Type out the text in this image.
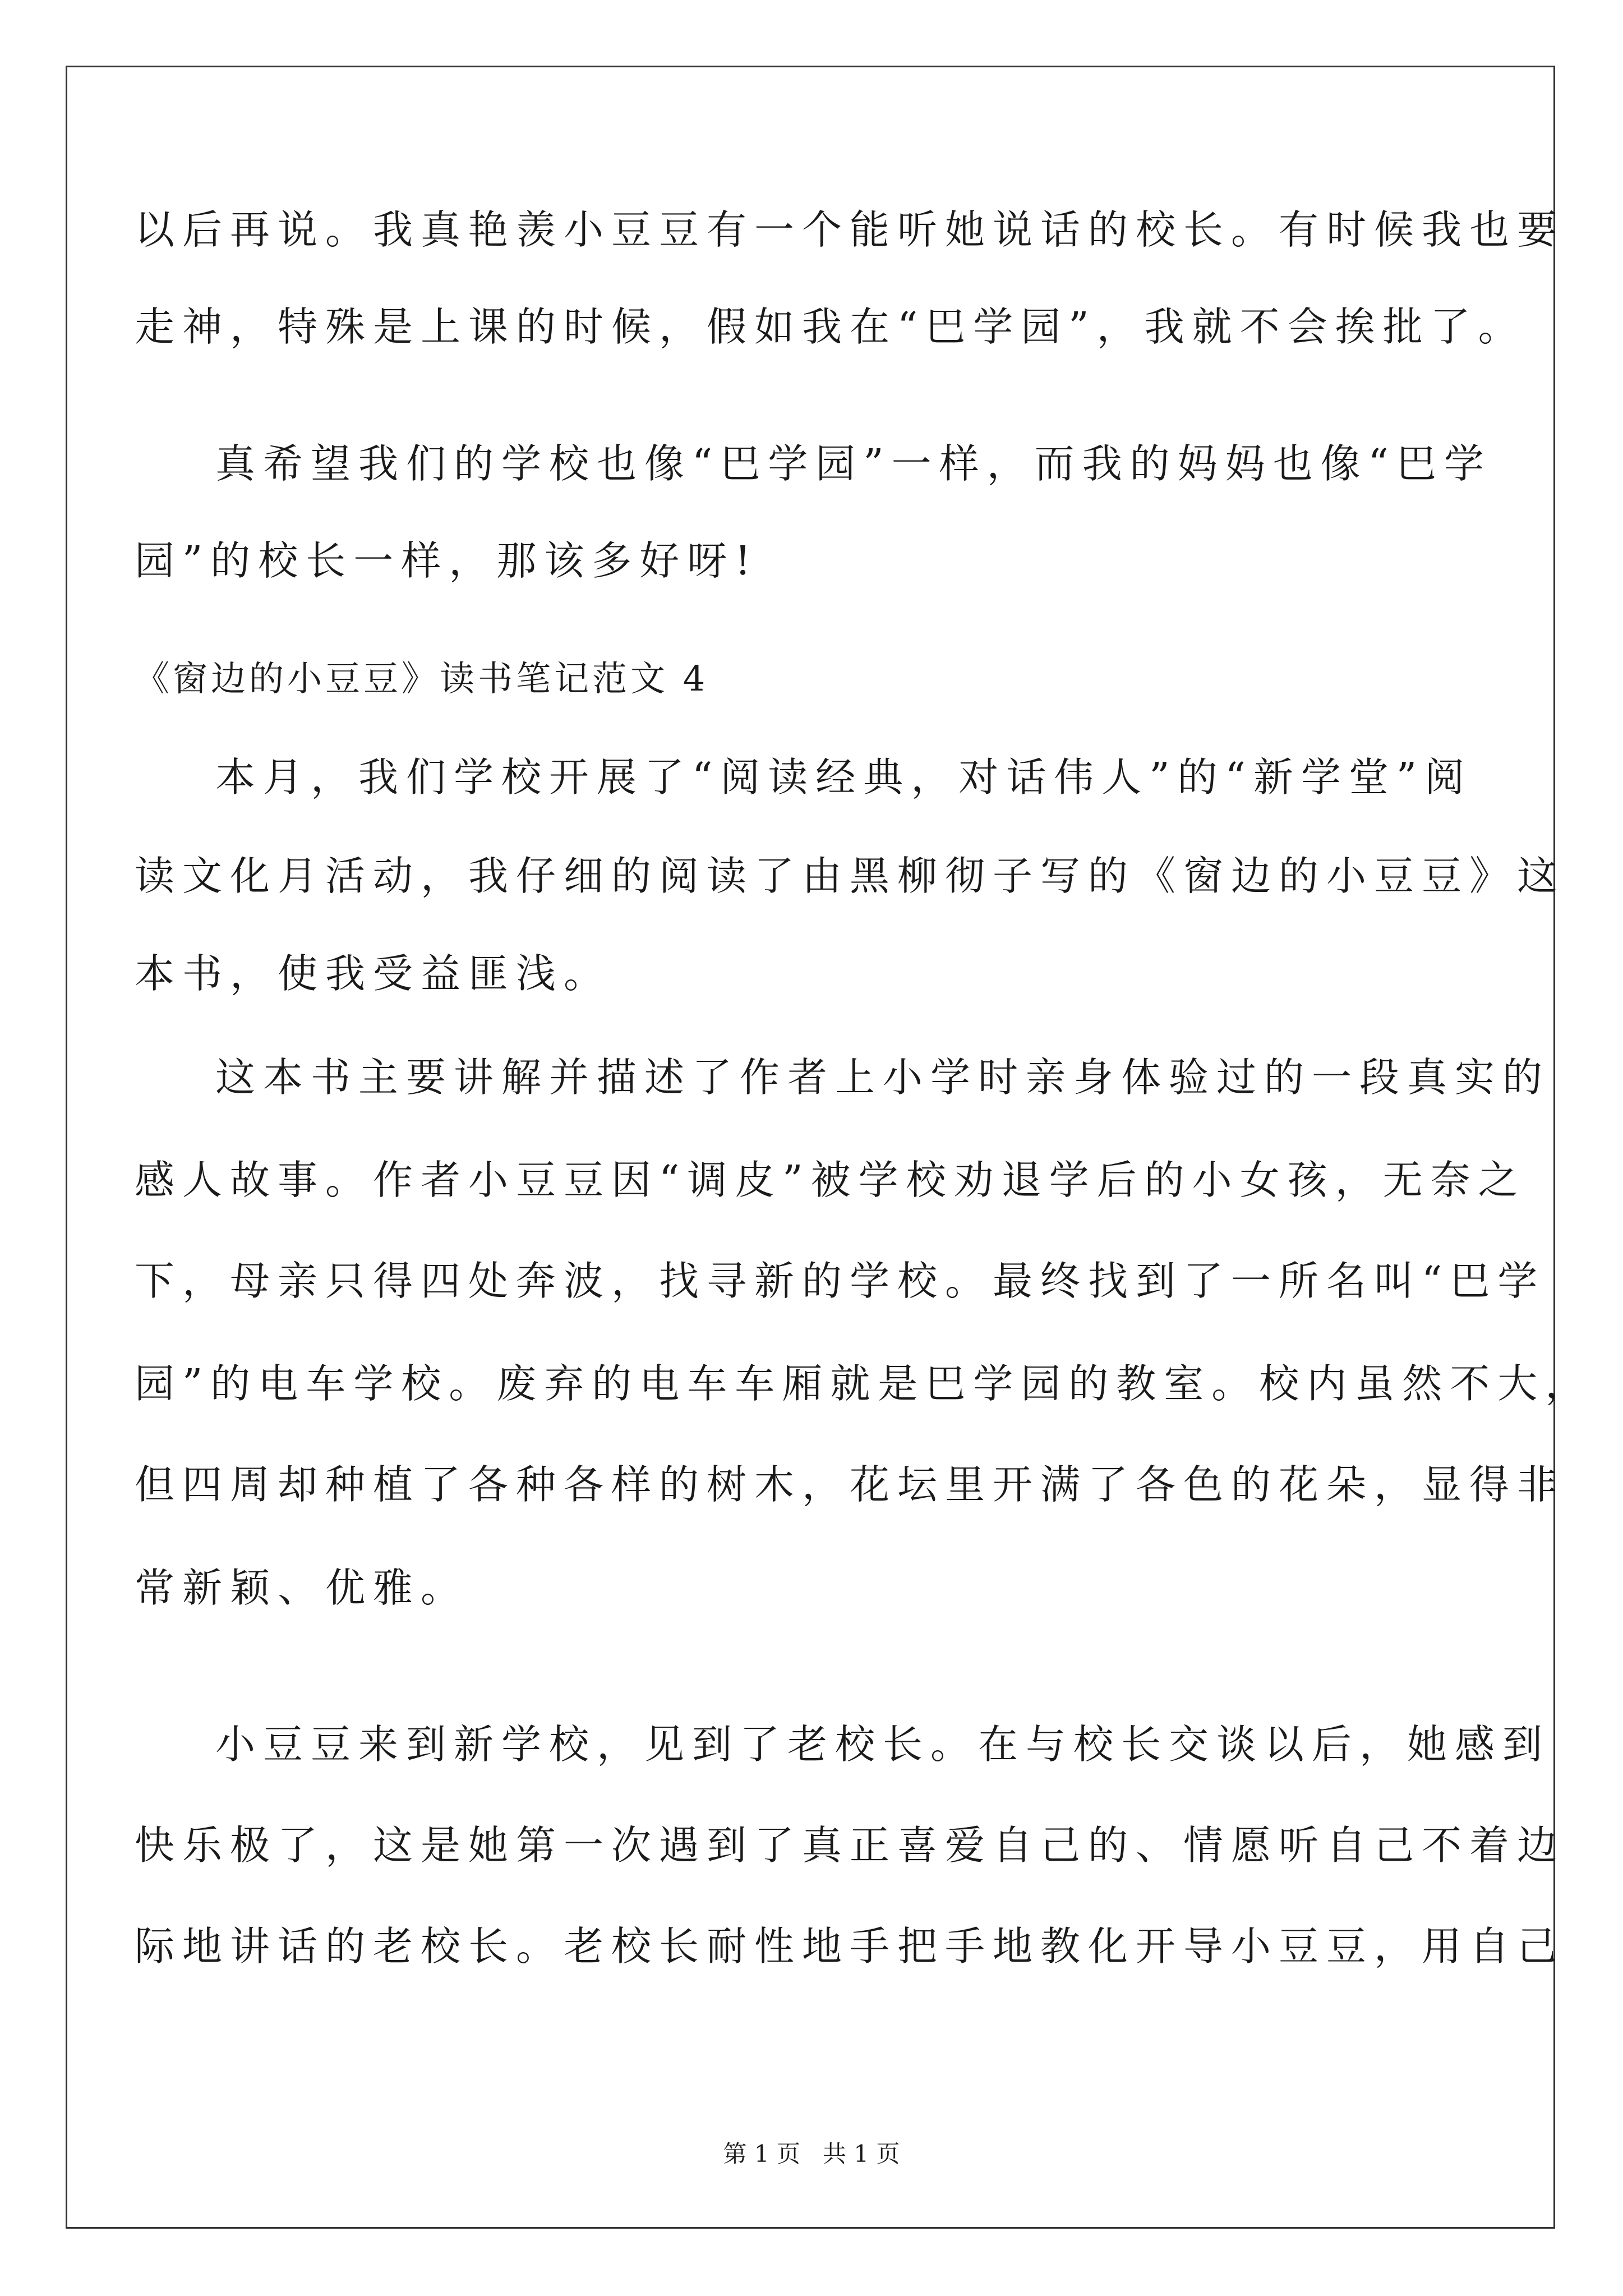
以后再说。我真艳羡小豆豆有一个能听她说话的校长。有时候我也要
走神，特殊是上课的时候，假如我在“巴学园”，我就不会挨批了。
真希望我们的学校也像“巴学园”一样，而我的妈妈也像“巴学
园”的校长一样，那该多好呀!
《窗边的小豆豆》读书笔记范文 4
本月，我们学校开展了“阅读经典，对话伟人”的“新学堂”阅
读文化月活动，我仔细的阅读了由黑柳彻子写的《窗边的小豆豆》这
本书，使我受益匪浅。
这本书主要讲解并描述了作者上小学时亲身体验过的一段真实的
感人故事。作者小豆豆因“调皮”被学校劝退学后的小女孩，无奈之
下，母亲只得四处奔波，找寻新的学校。最终找到了一所名叫“巴学
园”的电车学校。废弃的电车车厢就是巴学园的教室。校内虽然不大，
但四周却种植了各种各样的树木，花坛里开满了各色的花朵，显得非
常新颖、优雅。
小豆豆来到新学校，见到了老校长。在与校长交谈以后，她感到
快乐极了，这是她第一次遇到了真正喜爱自己的、情愿听自己不着边
际地讲话的老校长。老校长耐性地手把手地教化开导小豆豆，用自己
第 1 页   共 1 页
